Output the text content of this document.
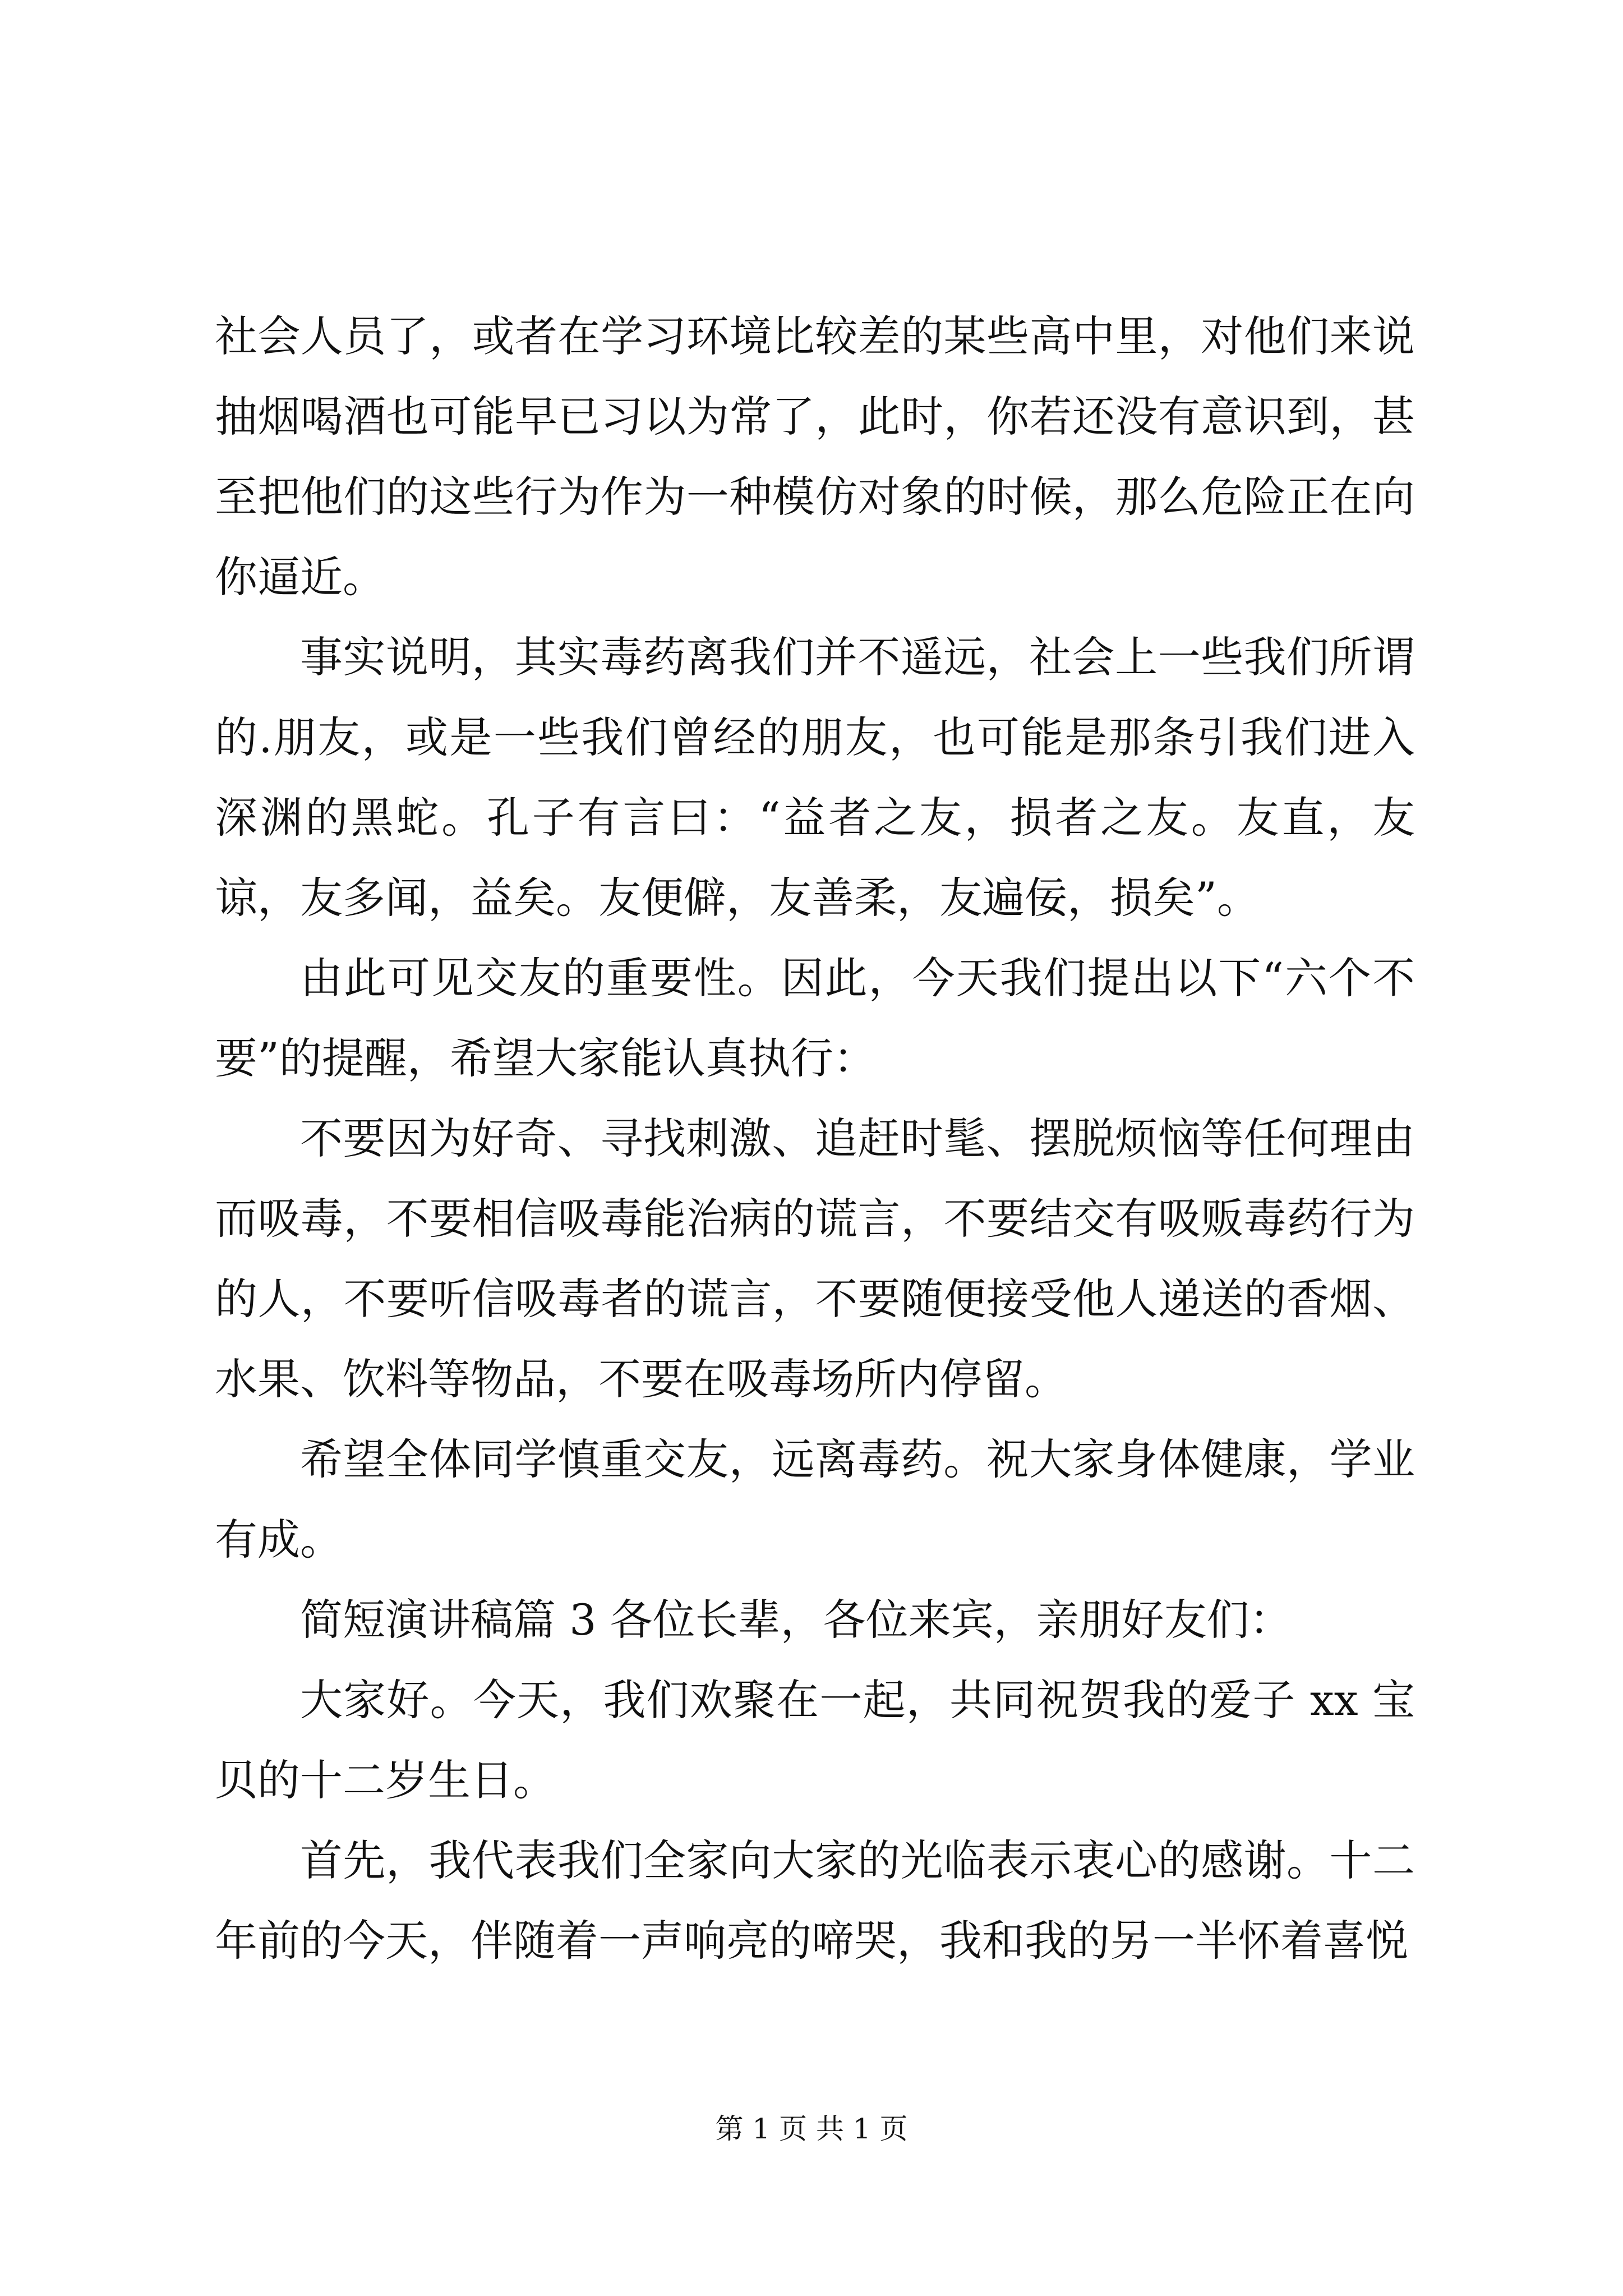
社会人员了，或者在学习环境比较差的某些高中里，对他们来说抽烟喝酒也可能早已习以为常了，此时，你若还没有意识到，甚至把他们的这些行为作为一种模仿对象的时候，那么危险正在向你逼近。

事实说明，其实毒药离我们并不遥远，社会上一些我们所谓的.朋友，或是一些我们曾经的朋友，也可能是那条引我们进入深渊的黑蛇。孔子有言曰：“益者之友，损者之友。友直，友谅，友多闻，益矣。友便僻，友善柔，友遍佞，损矣”。

由此可见交友的重要性。因此，今天我们提出以下“六个不要”的提醒，希望大家能认真执行：

不要因为好奇、寻找刺激、追赶时髦、摆脱烦恼等任何理由而吸毒，不要相信吸毒能治病的谎言，不要结交有吸贩毒药行为的人，不要听信吸毒者的谎言，不要随便接受他人递送的香烟、水果、饮料等物品，不要在吸毒场所内停留。

希望全体同学慎重交友，远离毒药。祝大家身体健康，学业有成。

简短演讲稿篇 3 各位长辈，各位来宾，亲朋好友们：

大家好。今天，我们欢聚在一起，共同祝贺我的爱子 xx 宝贝的十二岁生日。

首先，我代表我们全家向大家的光临表示衷心的感谢。十二年前的今天，伴随着一声响亮的啼哭，我和我的另一半怀着喜悦

第 1 页 共 1 页
